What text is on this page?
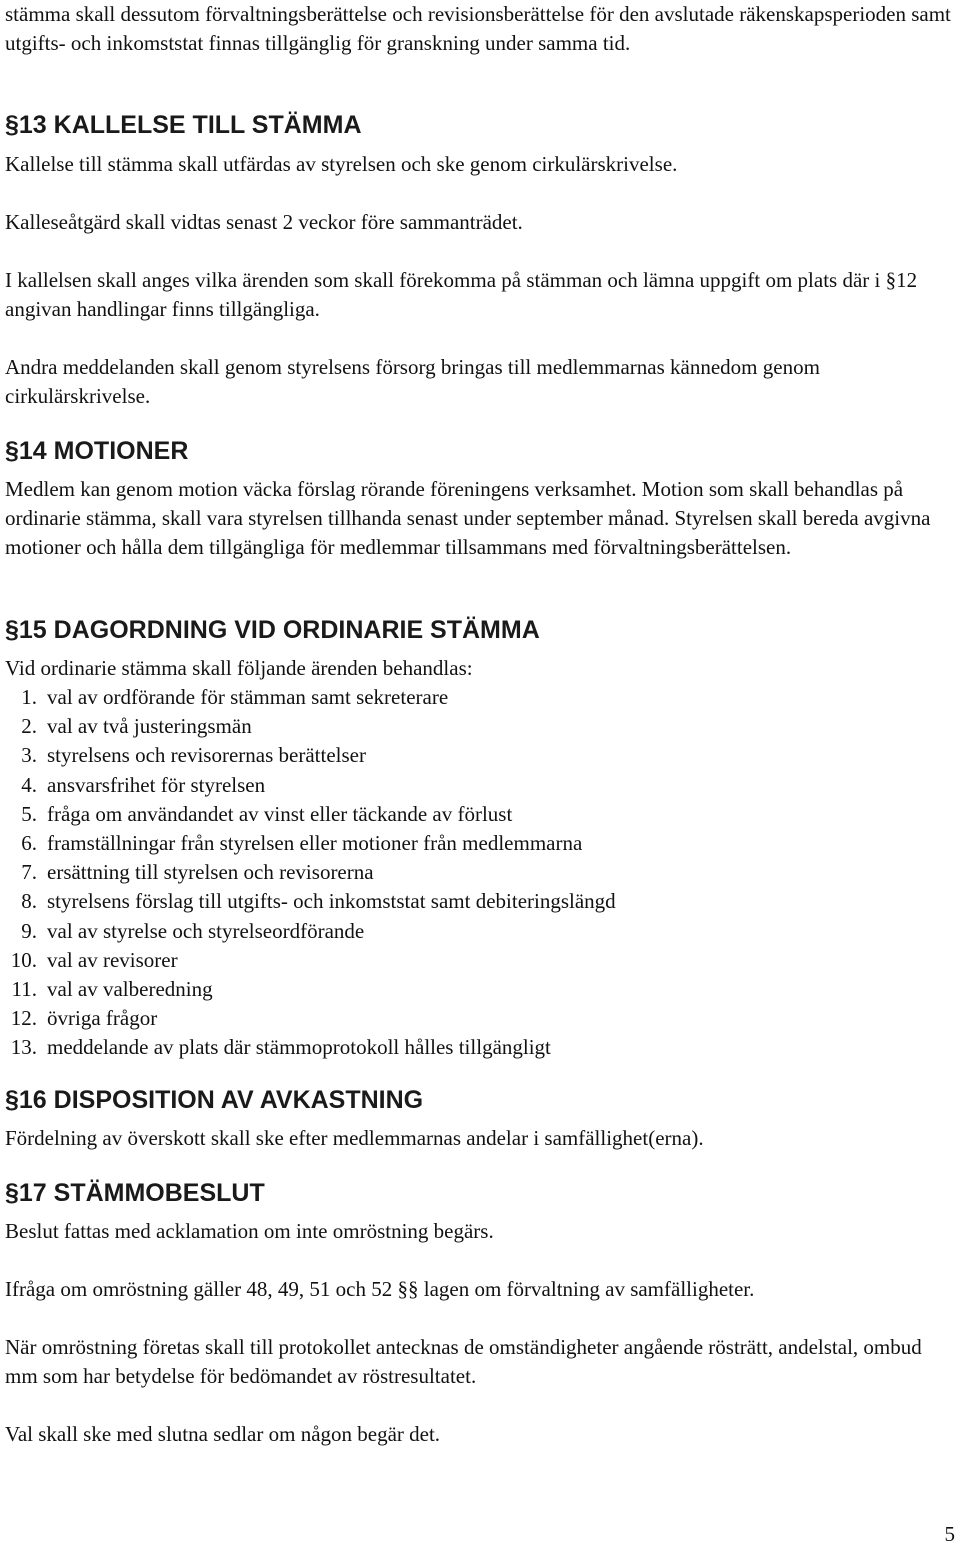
stämma skall dessutom förvaltningsberättelse och revisionsberättelse för den avslutade räkenskapsperioden samt utgifts- och inkomststat finnas tillgänglig för granskning under samma tid.

§13 KALLELSE TILL STÄMMA

Kallelse till stämma skall utfärdas av styrelsen och ske genom cirkulärskrivelse.

Kalleseåtgärd skall vidtas senast 2 veckor före sammanträdet.

I kallelsen skall anges vilka ärenden som skall förekomma på stämman och lämna uppgift om plats där i §12 angivan handlingar finns tillgängliga.

Andra meddelanden skall genom styrelsens försorg bringas till medlemmarnas kännedom genom cirkulärskrivelse.

§14 MOTIONER

Medlem kan genom motion väcka förslag rörande föreningens verksamhet. Motion som skall behandlas på ordinarie stämma, skall vara styrelsen tillhanda senast under september månad. Styrelsen skall bereda avgivna motioner och hålla dem tillgängliga för medlemmar tillsammans med förvaltningsberättelsen.

§15 DAGORDNING VID ORDINARIE STÄMMA

Vid ordinarie stämma skall följande ärenden behandlas:

1. val av ordförande för stämman samt sekreterare
2. val av två justeringsmän
3. styrelsens och revisorernas berättelser
4. ansvarsfrihet för styrelsen
5. fråga om användandet av vinst eller täckande av förlust
6. framställningar från styrelsen eller motioner från medlemmarna
7. ersättning till styrelsen och revisorerna
8. styrelsens förslag till utgifts- och inkomststat samt debiteringslängd
9. val av styrelse och styrelseordförande
10. val av revisorer
11. val av valberedning
12. övriga frågor
13. meddelande av plats där stämmoprotokoll hålles tillgängligt
§16 DISPOSITION AV AVKASTNING

Fördelning av överskott skall ske efter medlemmarnas andelar i samfällighet(erna).

§17 STÄMMOBESLUT

Beslut fattas med acklamation om inte omröstning begärs.

Ifråga om omröstning gäller 48, 49, 51 och 52 §§ lagen om förvaltning av samfälligheter.

När omröstning företas skall till protokollet antecknas de omständigheter angående rösträtt, andelstal, ombud mm som har betydelse för bedömandet av röstresultatet.

Val skall ske med slutna sedlar om någon begär det.

5
